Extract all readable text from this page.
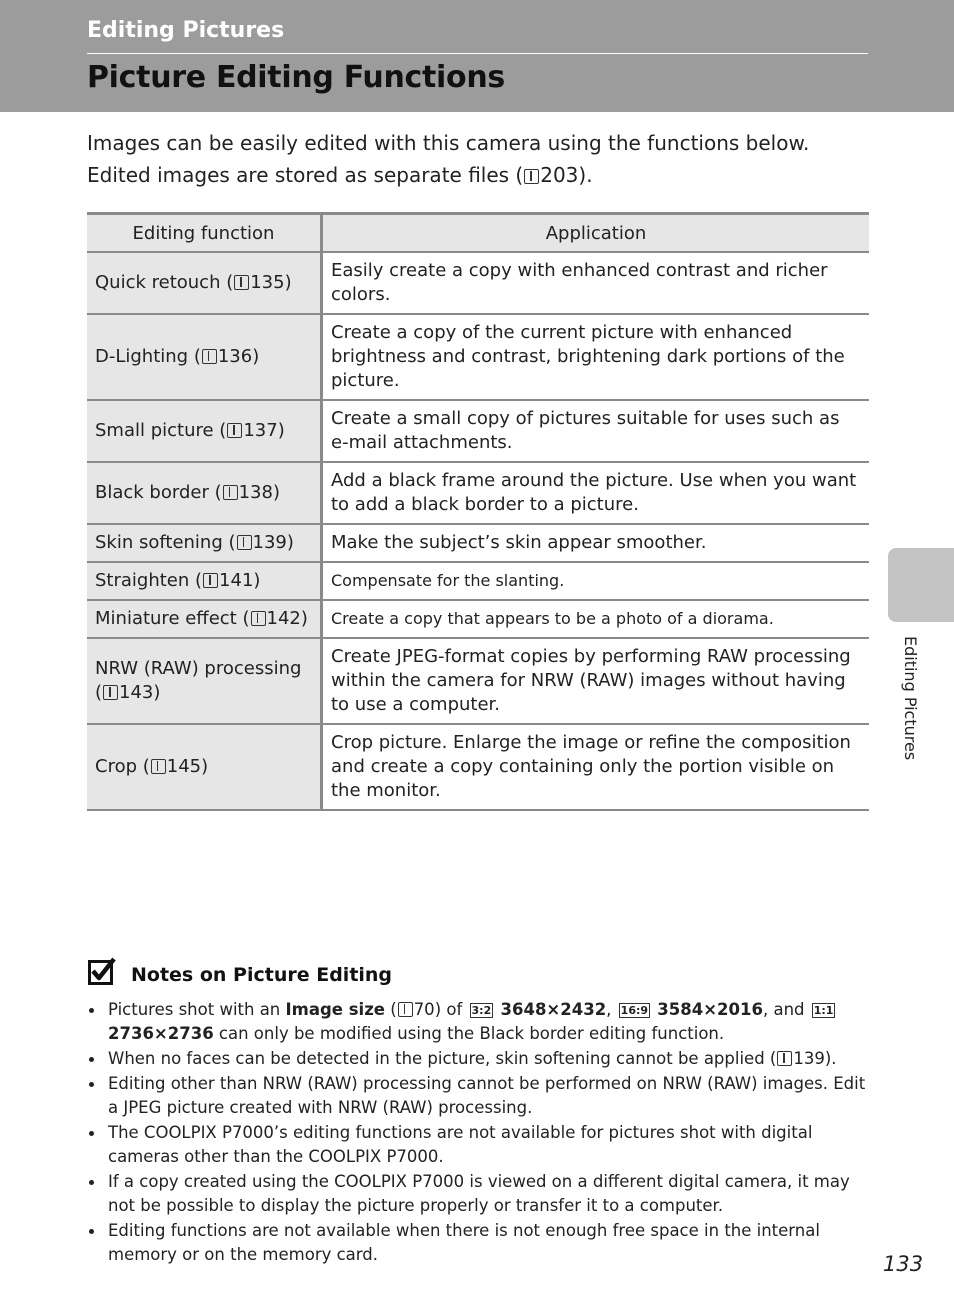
Editing Pictures
Picture Editing Functions
Images can be easily edited with this camera using the functions below. Edited images are stored as separate files ( 203).
Editing function	Application
Quick retouch ( 135)	Easily create a copy with enhanced contrast and richer colors.
D-Lighting ( 136)	Create a copy of the current picture with enhanced brightness and contrast, brightening dark portions of the picture.
Small picture ( 137)	Create a small copy of pictures suitable for uses such as e-mail attachments.
Black border ( 138)	Add a black frame around the picture. Use when you want to add a black border to a picture.
Skin softening ( 139)	Make the subject’s skin appear smoother.
Straighten ( 141)	Compensate for the slanting.
Miniature effect ( 142)	Create a copy that appears to be a photo of a diorama.
NRW (RAW) processing ( 143)	Create JPEG-format copies by performing RAW processing within the camera for NRW (RAW) images without having to use a computer.
Crop ( 145)	Crop picture. Enlarge the image or refine the composition and create a copy containing only the portion visible on the monitor.
Editing Pictures
Notes on Picture Editing
Pictures shot with an Image size ( 70) of 3:2 3648×2432, 16:9 3584×2016, and 1:1 2736×2736 can only be modified using the Black border editing function.
When no faces can be detected in the picture, skin softening cannot be applied ( 139).
Editing other than NRW (RAW) processing cannot be performed on NRW (RAW) images. Edit a JPEG picture created with NRW (RAW) processing.
The COOLPIX P7000’s editing functions are not available for pictures shot with digital cameras other than the COOLPIX P7000.
If a copy created using the COOLPIX P7000 is viewed on a different digital camera, it may not be possible to display the picture properly or transfer it to a computer.
Editing functions are not available when there is not enough free space in the internal memory or on the memory card.	133
